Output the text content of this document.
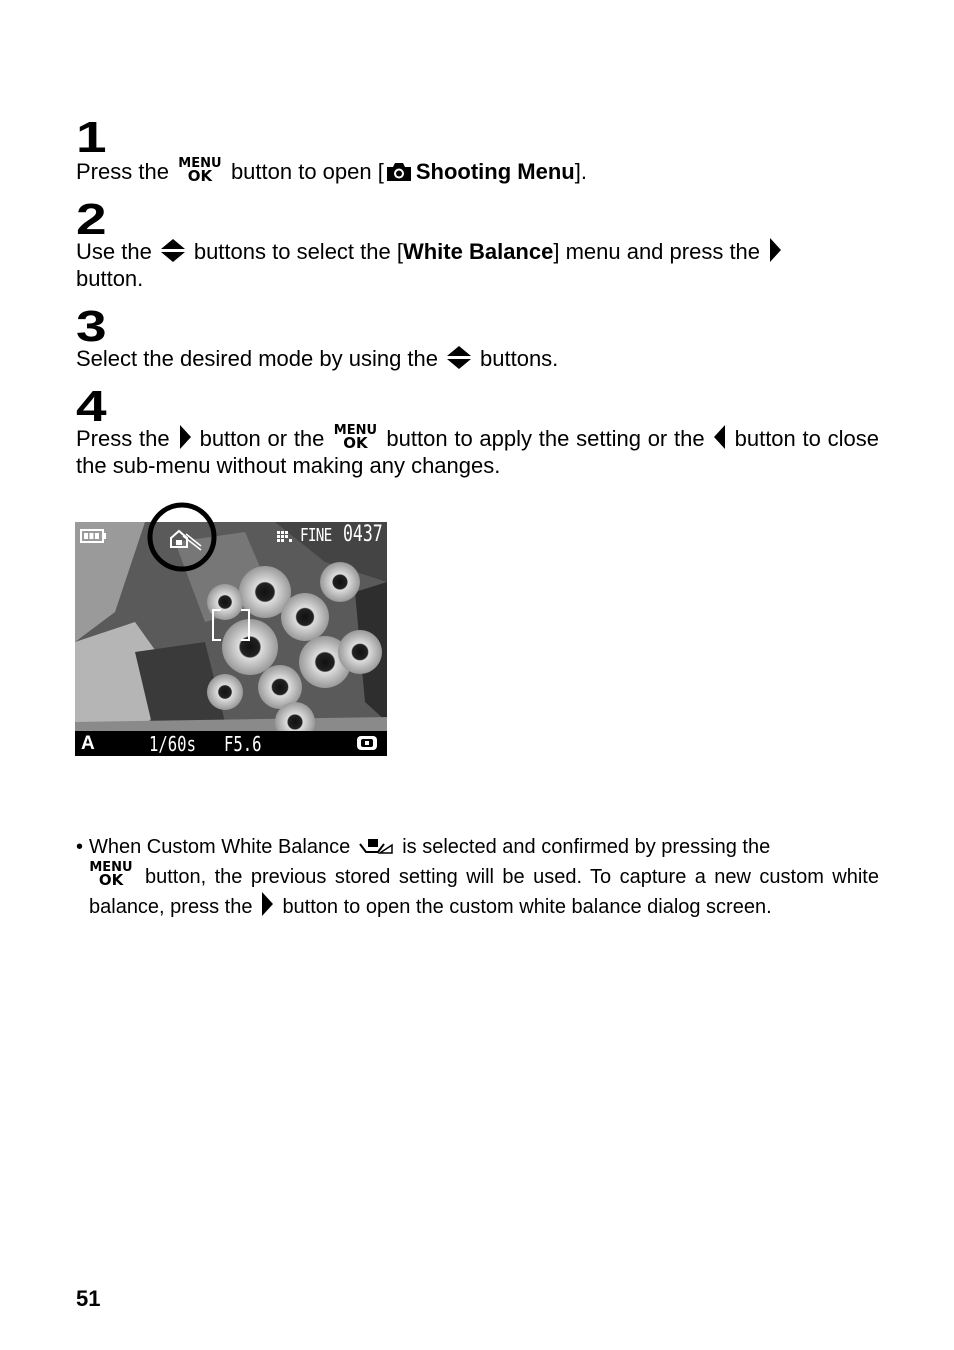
1
Press the MENU
OK button to open [ Shooting Menu].
2
Use the buttons to select the [White Balance] menu and press the
button.
3
Select the desired mode by using the buttons.
4
Press the button or the MENU
OK button to apply the setting or the button to close the sub-menu without making any changes.
FINE 0437
A	1/60s F5.6
• When Custom White Balance	is selected and confirmed by pressing the

MENU
OK	button, the previous stored setting will be used. To capture a new custom white balance, press the button to open the custom white balance dialog screen.
51
